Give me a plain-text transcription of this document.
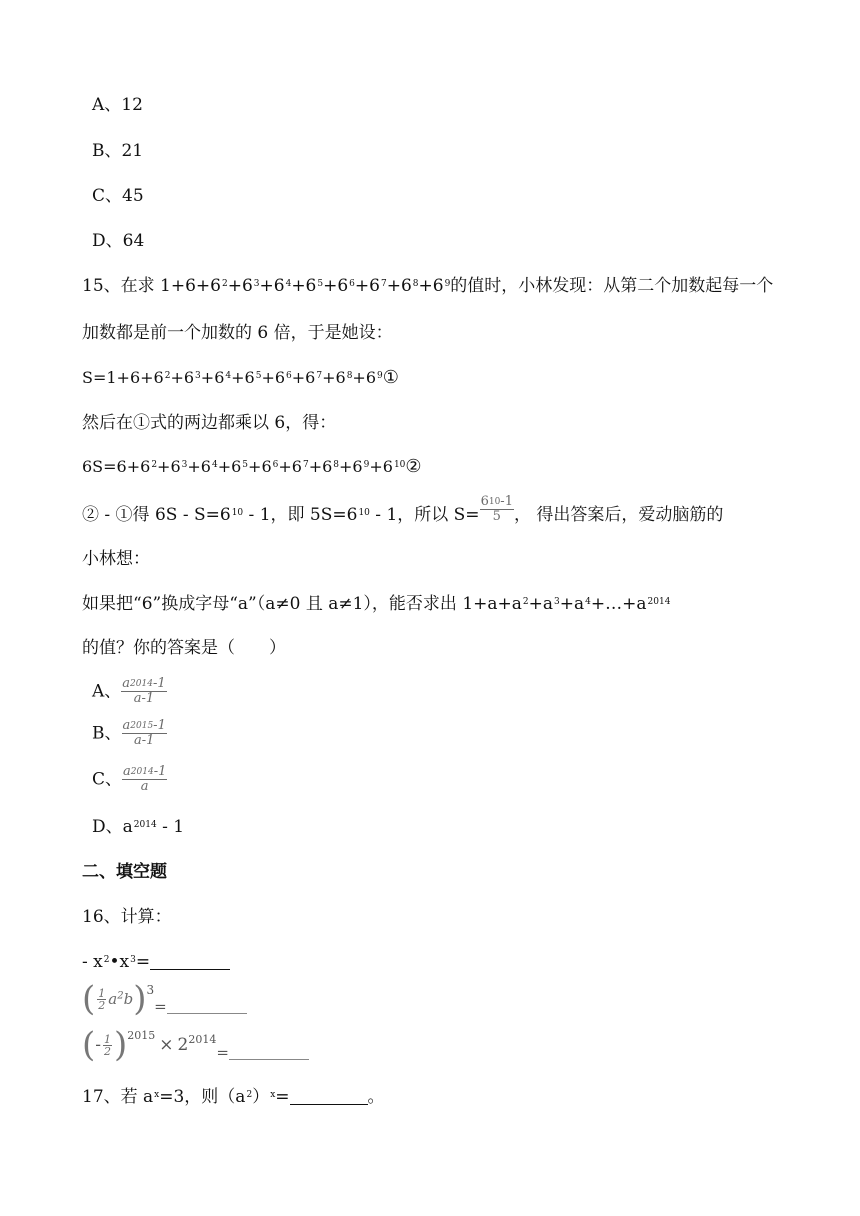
A、12
B、21
C、45
D、64
15、在求 $1+6+6^2+6^3+6^4+6^5+6^6+6^7+6^8+6^9$的值时，小林发现：从第二个加数起每一个
加数都是前一个加数的 6 倍，于是她设：
$S=1+6+6^2+6^3+6^4+6^5+6^6+6^7+6^8+6^9①$
然后在①式的两边都乘以 6，得：
$6S=6+6^2+6^3+6^4+6^5+6^6+6^7+6^8+6^9+6^{10}②$
② - ①得 $6S - S=6^{10} - 1$，即 $5S=6^{10} - 1$，所以 $S= \frac{6^{10}-1}{5}$ ， 得出答案后，爱动脑筋的
小林想：
如果把“6”换成字母“a”（a≠0 且 a≠1），能否求出 $1+a+a^2+a^3+a^4+\dots+a^{2014}$
的值？你的答案是（　　）
A、 $\frac{a^{2014}-1}{a-1}$
B、 $\frac{a^{2015}-1}{a-1}$
C、 $\frac{a^{2014}-1}{a}$
D、$a^{2014} - 1$
二、填空题
16、计算：
- $x^2•x^3=$
( $\frac{1}{2} a^2b)^3=$
(- $\frac{1}{2} )^{2015} \times 2^{2014}=$
17、若 $a^x=3$，则$(a^2)^x=$	。
